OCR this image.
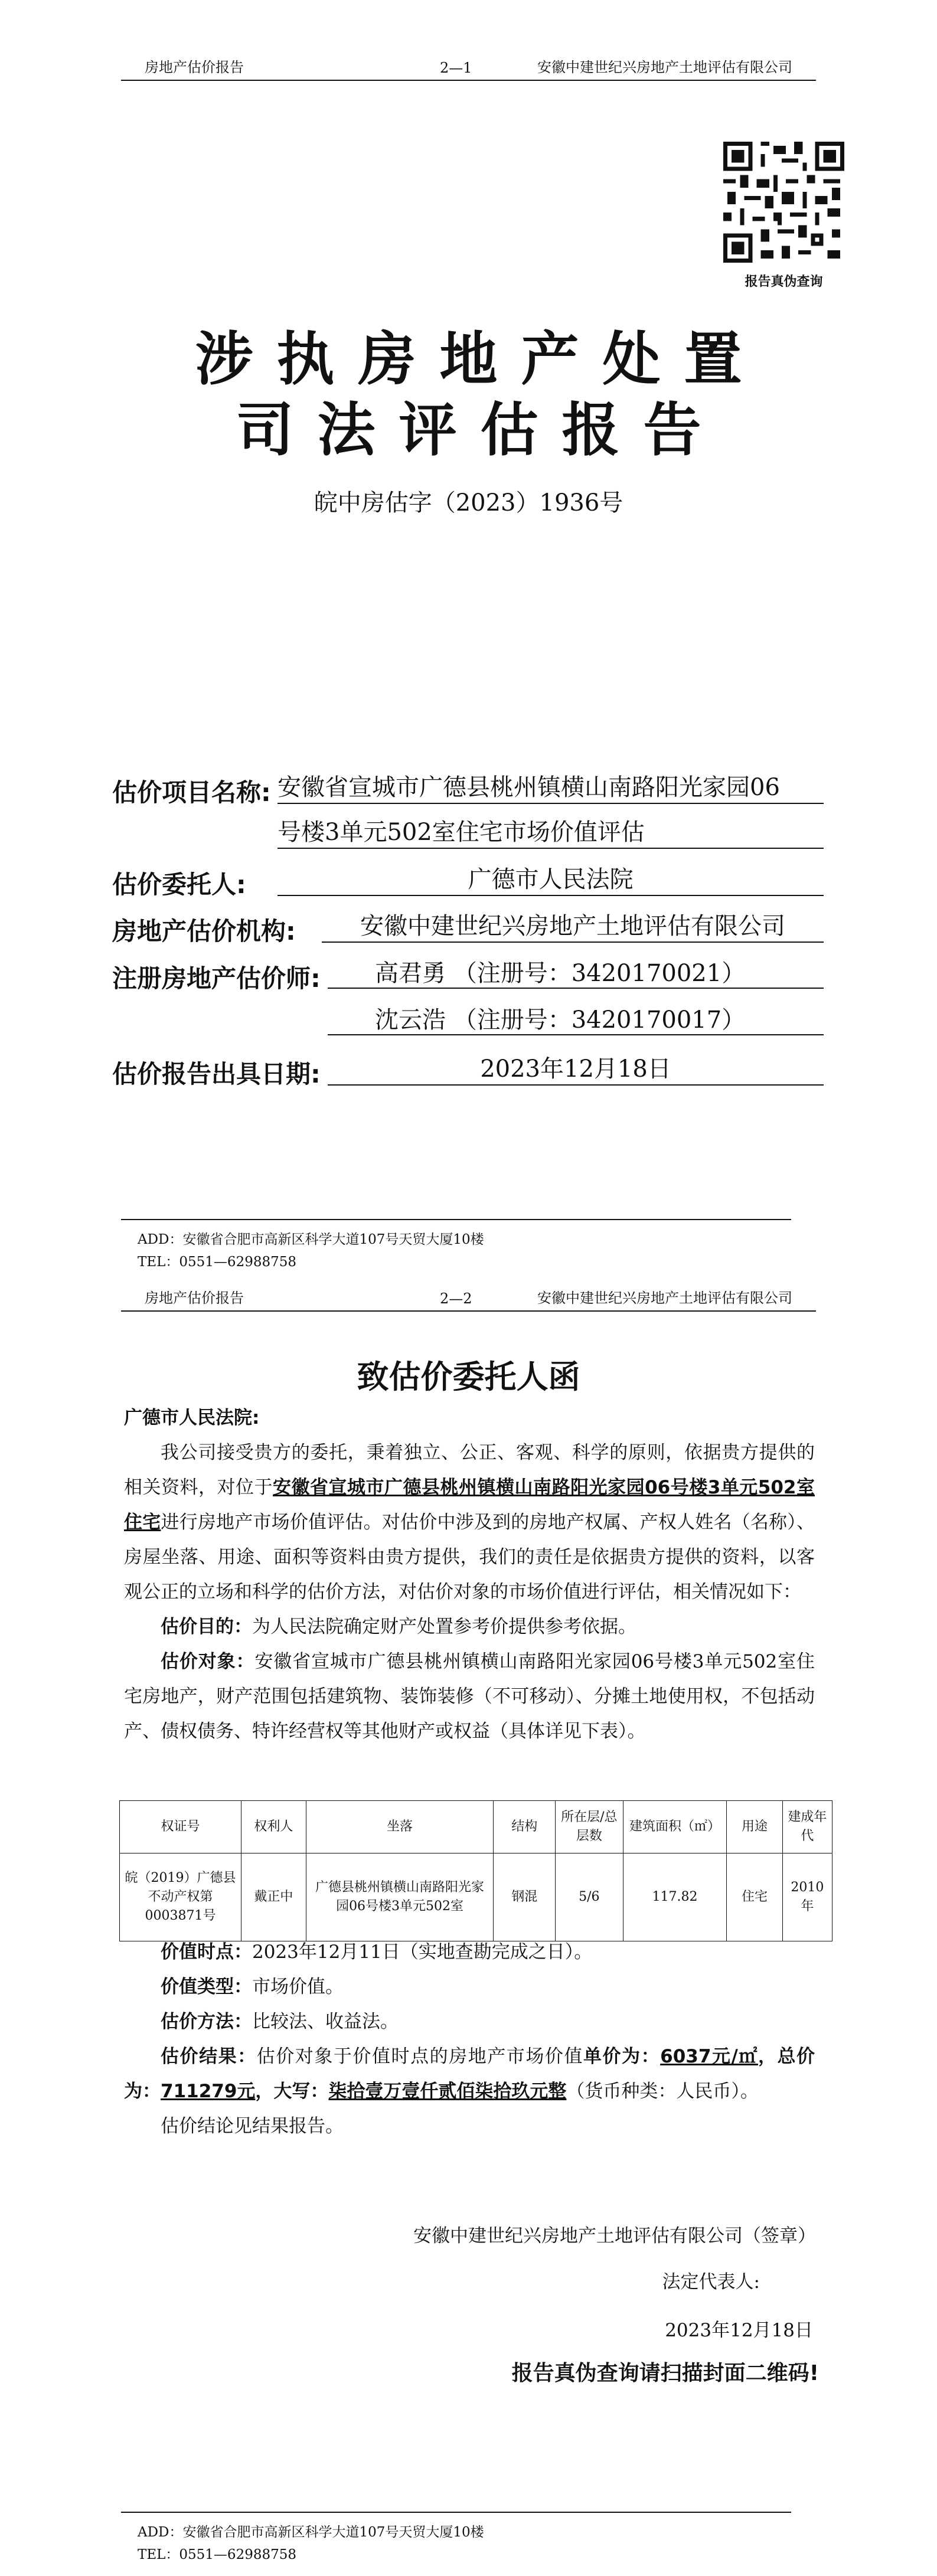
房地产估价报告	2—1	安徽中建世纪兴房地产土地评估有限公司
报告真伪查询
涉执房地产处置
司法评估报告
皖中房估字（2023）1936号
估价项目名称: 安徽省宣城市广德县桃州镇横山南路阳光家园06
号楼3单元502室住宅市场价值评估
估价委托人:	广德市人民法院
房地产估价机构:	安徽中建世纪兴房地产土地评估有限公司
注册房地产估价师:	高君勇 （注册号：3420170021）
沈云浩 （注册号：3420170017）
估价报告出具日期:	2023年12月18日
ADD：安徽省合肥市高新区科学大道107号天贸大厦10楼
TEL：0551—62988758
房地产估价报告	2—2	安徽中建世纪兴房地产土地评估有限公司
致估价委托人函
广德市人民法院:

我公司接受贵方的委托，秉着独立、公正、客观、科学的原则，依据贵方提供的相关资料，对位于安徽省宣城市广德县桃州镇横山南路阳光家园06号楼3单元502室住宅进行房地产市场价值评估。对估价中涉及到的房地产权属、产权人姓名（名称）、房屋坐落、用途、面积等资料由贵方提供，我们的责任是依据贵方提供的资料，以客观公正的立场和科学的估价方法，对估价对象的市场价值进行评估，相关情况如下：

估价目的：为人民法院确定财产处置参考价提供参考依据。

估价对象：安徽省宣城市广德县桃州镇横山南路阳光家园06号楼3单元502室住宅房地产，财产范围包括建筑物、装饰装修（不可移动）、分摊土地使用权，不包括动产、债权债务、特许经营权等其他财产或权益（具体详见下表）。

权证号	权利人	坐落	结构	所在层/总层数	建筑面积（㎡）	用途	建成年代
皖（2019）广德县不动产权第0003871号	戴正中	广德县桃州镇横山南路阳光家园06号楼3单元502室	钢混	5/6	117.82	住宅	2010年

价值时点：2023年12月11日（实地查勘完成之日）。

价值类型：市场价值。

估价方法：比较法、收益法。

估价结果：估价对象于价值时点的房地产市场价值单价为：6037元/㎡，总价为：711279元，大写：柒拾壹万壹仟贰佰柒拾玖元整（货币种类：人民币）。

估价结论见结果报告。

安徽中建世纪兴房地产土地评估有限公司（签章）
法定代表人:
2023年12月18日
报告真伪查询请扫描封面二维码!
ADD：安徽省合肥市高新区科学大道107号天贸大厦10楼
TEL：0551—62988758
